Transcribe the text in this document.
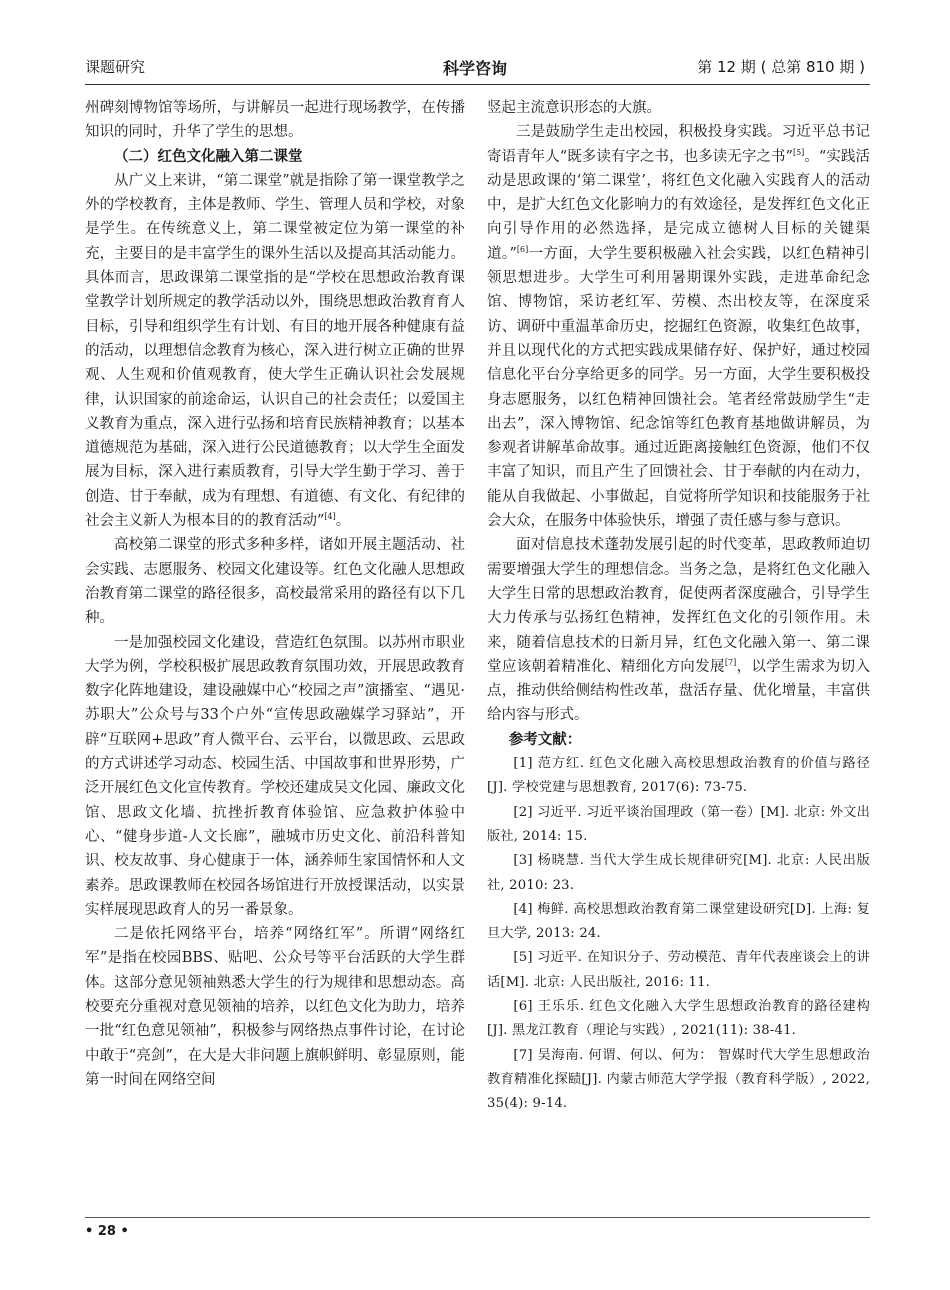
课题研究	科学咨询	第 12 期 ( 总第 810 期 )

州碑刻博物馆等场所，与讲解员一起进行现场教学，在传播知识的同时，升华了学生的思想。

（二）红色文化融入第二课堂

从广义上来讲，“第二课堂”就是指除了第一课堂教学之外的学校教育，主体是教师、学生、管理人员和学校，对象是学生。在传统意义上，第二课堂被定位为第一课堂的补充，主要目的是丰富学生的课外生活以及提高其活动能力。具体而言，思政课第二课堂指的是“学校在思想政治教育课堂教学计划所规定的教学活动以外，围绕思想政治教育育人目标，引导和组织学生有计划、有目的地开展各种健康有益的活动，以理想信念教育为核心，深入进行树立正确的世界观、人生观和价值观教育，使大学生正确认识社会发展规律，认识国家的前途命运，认识自己的社会责任；以爱国主义教育为重点，深入进行弘扬和培育民族精神教育；以基本道德规范为基础，深入进行公民道德教育；以大学生全面发展为目标，深入进行素质教育，引导大学生勤于学习、善于创造、甘于奉献，成为有理想、有道德、有文化、有纪律的社会主义新人为根本目的的教育活动”[4]。

高校第二课堂的形式多种多样，诸如开展主题活动、社会实践、志愿服务、校园文化建设等。红色文化融人思想政治教育第二课堂的路径很多，高校最常采用的路径有以下几种。

一是加强校园文化建设，营造红色氛围。以苏州市职业大学为例，学校积极扩展思政教育氛围功效，开展思政教育数字化阵地建设，建设融媒中心“校园之声”演播室、“遇见·苏职大”公众号与33个户外“宣传思政融媒学习驿站”，开辟“互联网+思政”育人微平台、云平台，以微思政、云思政的方式讲述学习动态、校园生活、中国故事和世界形势，广泛开展红色文化宣传教育。学校还建成吴文化园、廉政文化馆、思政文化墙、抗挫折教育体验馆、应急救护体验中心、“健身步道-人文长廊”，融城市历史文化、前沿科普知识、校友故事、身心健康于一体，涵养师生家国情怀和人文素养。思政课教师在校园各场馆进行开放授课活动，以实景实样展现思政育人的另一番景象。

二是依托网络平台，培养“网络红军”。所谓“网络红军”是指在校园BBS、贴吧、公众号等平台活跃的大学生群体。这部分意见领袖熟悉大学生的行为规律和思想动态。高校要充分重视对意见领袖的培养，以红色文化为助力，培养一批“红色意见领袖”，积极参与网络热点事件讨论，在讨论中敢于“亮剑”，在大是大非问题上旗帜鲜明、彰显原则，能第一时间在网络空间

竖起主流意识形态的大旗。

三是鼓励学生走出校园，积极投身实践。习近平总书记寄语青年人“既多读有字之书，也多读无字之书”[5]。“实践活动是思政课的‘第二课堂’，将红色文化融入实践育人的活动中，是扩大红色文化影响力的有效途径，是发挥红色文化正向引导作用的必然选择，是完成立德树人目标的关键渠道。”[6]一方面，大学生要积极融入社会实践，以红色精神引领思想进步。大学生可利用暑期课外实践，走进革命纪念馆、博物馆，采访老红军、劳模、杰出校友等，在深度采访、调研中重温革命历史，挖掘红色资源，收集红色故事，并且以现代化的方式把实践成果储存好、保护好，通过校园信息化平台分享给更多的同学。另一方面，大学生要积极投身志愿服务，以红色精神回馈社会。笔者经常鼓励学生“走出去”，深入博物馆、纪念馆等红色教育基地做讲解员，为参观者讲解革命故事。通过近距离接触红色资源，他们不仅丰富了知识，而且产生了回馈社会、甘于奉献的内在动力，能从自我做起、小事做起，自觉将所学知识和技能服务于社会大众，在服务中体验快乐，增强了责任感与参与意识。

面对信息技术蓬勃发展引起的时代变革，思政教师迫切需要增强大学生的理想信念。当务之急，是将红色文化融入大学生日常的思想政治教育，促使两者深度融合，引导学生大力传承与弘扬红色精神，发挥红色文化的引领作用。未来，随着信息技术的日新月异，红色文化融入第一、第二课堂应该朝着精准化、精细化方向发展[7]，以学生需求为切入点，推动供给侧结构性改革，盘活存量、优化增量，丰富供给内容与形式。

参考文献：

[1] 范方红. 红色文化融入高校思想政治教育的价值与路径[J]. 学校党建与思想教育, 2017(6): 73-75.

[2] 习近平. 习近平谈治国理政（第一卷）[M]. 北京: 外文出版社, 2014: 15.

[3] 杨晓慧. 当代大学生成长规律研究[M]. 北京: 人民出版社, 2010: 23.

[4] 梅鲜. 高校思想政治教育第二课堂建设研究[D]. 上海: 复旦大学, 2013: 24.

[5] 习近平. 在知识分子、劳动模范、青年代表座谈会上的讲话[M]. 北京: 人民出版社, 2016: 11.

[6] 王乐乐. 红色文化融入大学生思想政治教育的路径建构[J]. 黑龙江教育（理论与实践）, 2021(11): 38-41.

[7] 吴海南. 何谓、何以、何为： 智媒时代大学生思想政治教育精准化探赜[J]. 内蒙古师范大学学报（教育科学版）, 2022, 35(4): 9-14.

• 28 •
